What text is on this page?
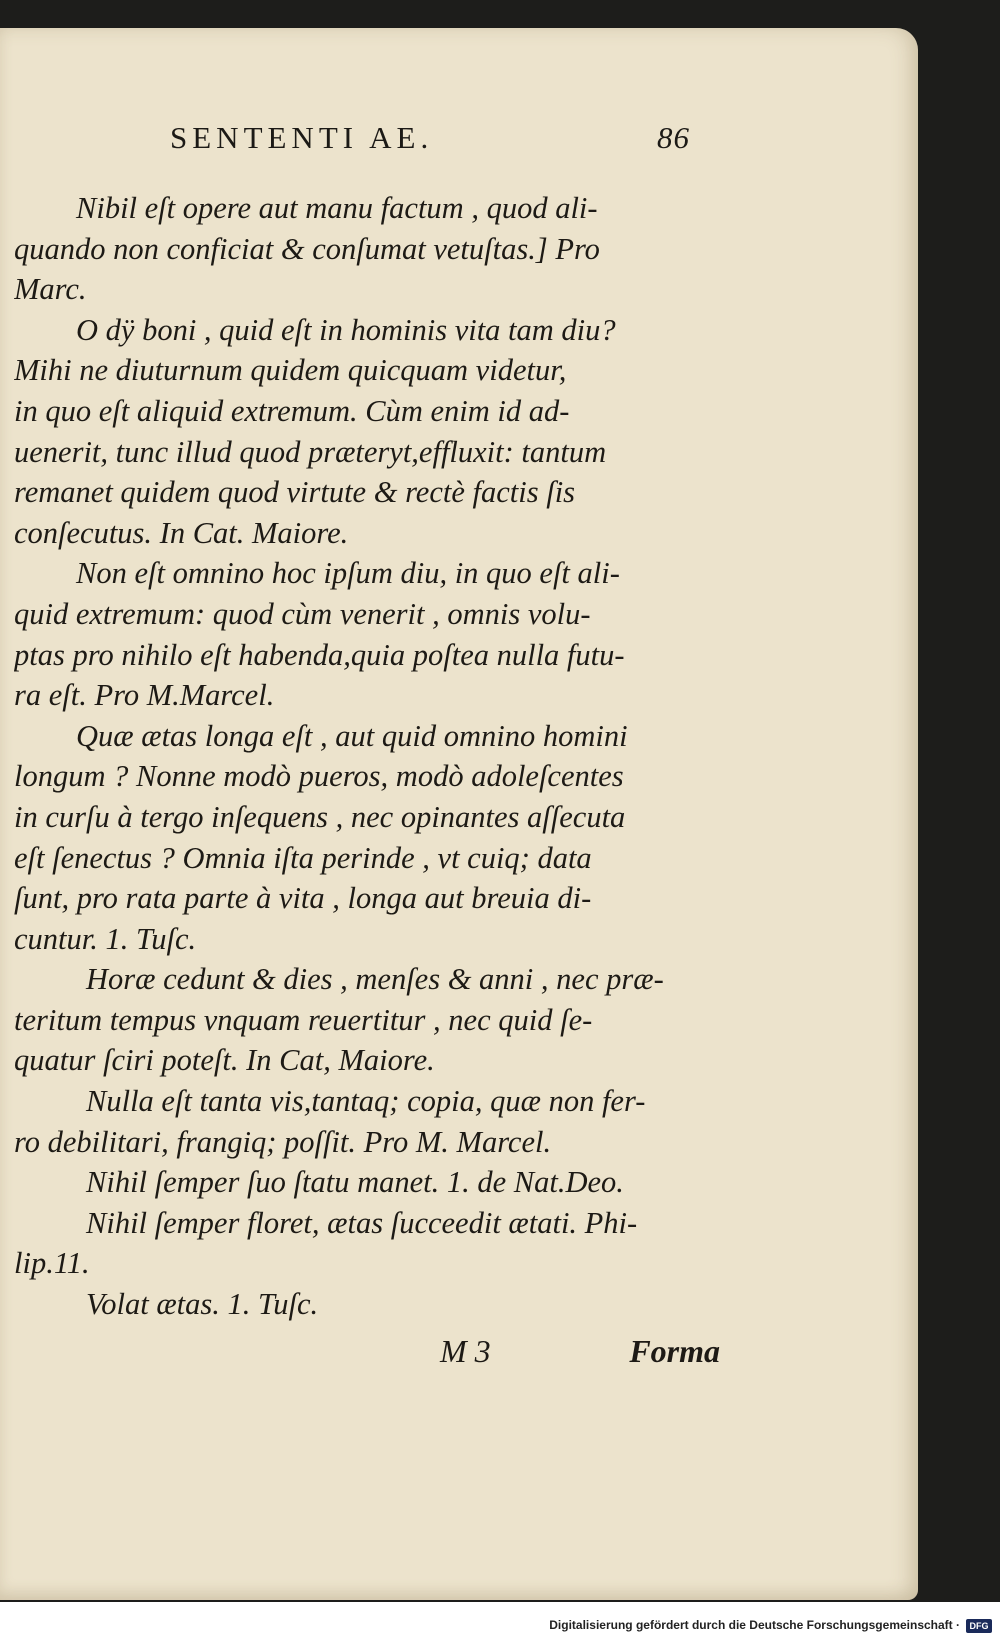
SENTENTI AE.	86
Nibil eſt opere aut manu factum , quod ali-
quando non conficiat & conſumat vetuſtas.] Pro
Marc.
O dÿ boni , quid eſt in hominis vita tam diu?
Mihi ne diuturnum quidem quicquam videtur,
in quo eſt aliquid extremum. Cùm enim id ad-
uenerit, tunc illud quod præteryt,effluxit: tantum
remanet quidem quod virtute & rectè factis ſis
conſecutus. In Cat. Maiore.
Non eſt omnino hoc ipſum diu, in quo eſt ali-
quid extremum: quod cùm venerit , omnis volu-
ptas pro nihilo eſt habenda,quia poſtea nulla futu-
ra eſt. Pro M.Marcel.
Quæ ætas longa eſt , aut quid omnino homini
longum ? Nonne modò pueros, modò adoleſcentes
in curſu à tergo inſequens , nec opinantes aſſecuta
eſt ſenectus ? Omnia iſta perinde , vt cuiq; data
ſunt, pro rata parte à vita , longa aut breuia di-
cuntur. 1. Tuſc.
Horæ cedunt & dies , menſes & anni , nec præ-
teritum tempus vnquam reuertitur , nec quid ſe-
quatur ſciri poteſt. In Cat, Maiore.
Nulla eſt tanta vis,tantaq; copia, quæ non fer-
ro debilitari, frangiq; poſſit. Pro M. Marcel.
Nihil ſemper ſuo ſtatu manet. 1. de Nat.Deo.
Nihil ſemper floret, ætas ſucceedit ætati. Phi-
lip.11.
Volat ætas. 1. Tuſc.
M 3	Forma
Digitalisierung gefördert durch die Deutsche Forschungsgemeinschaft ·	DFG
